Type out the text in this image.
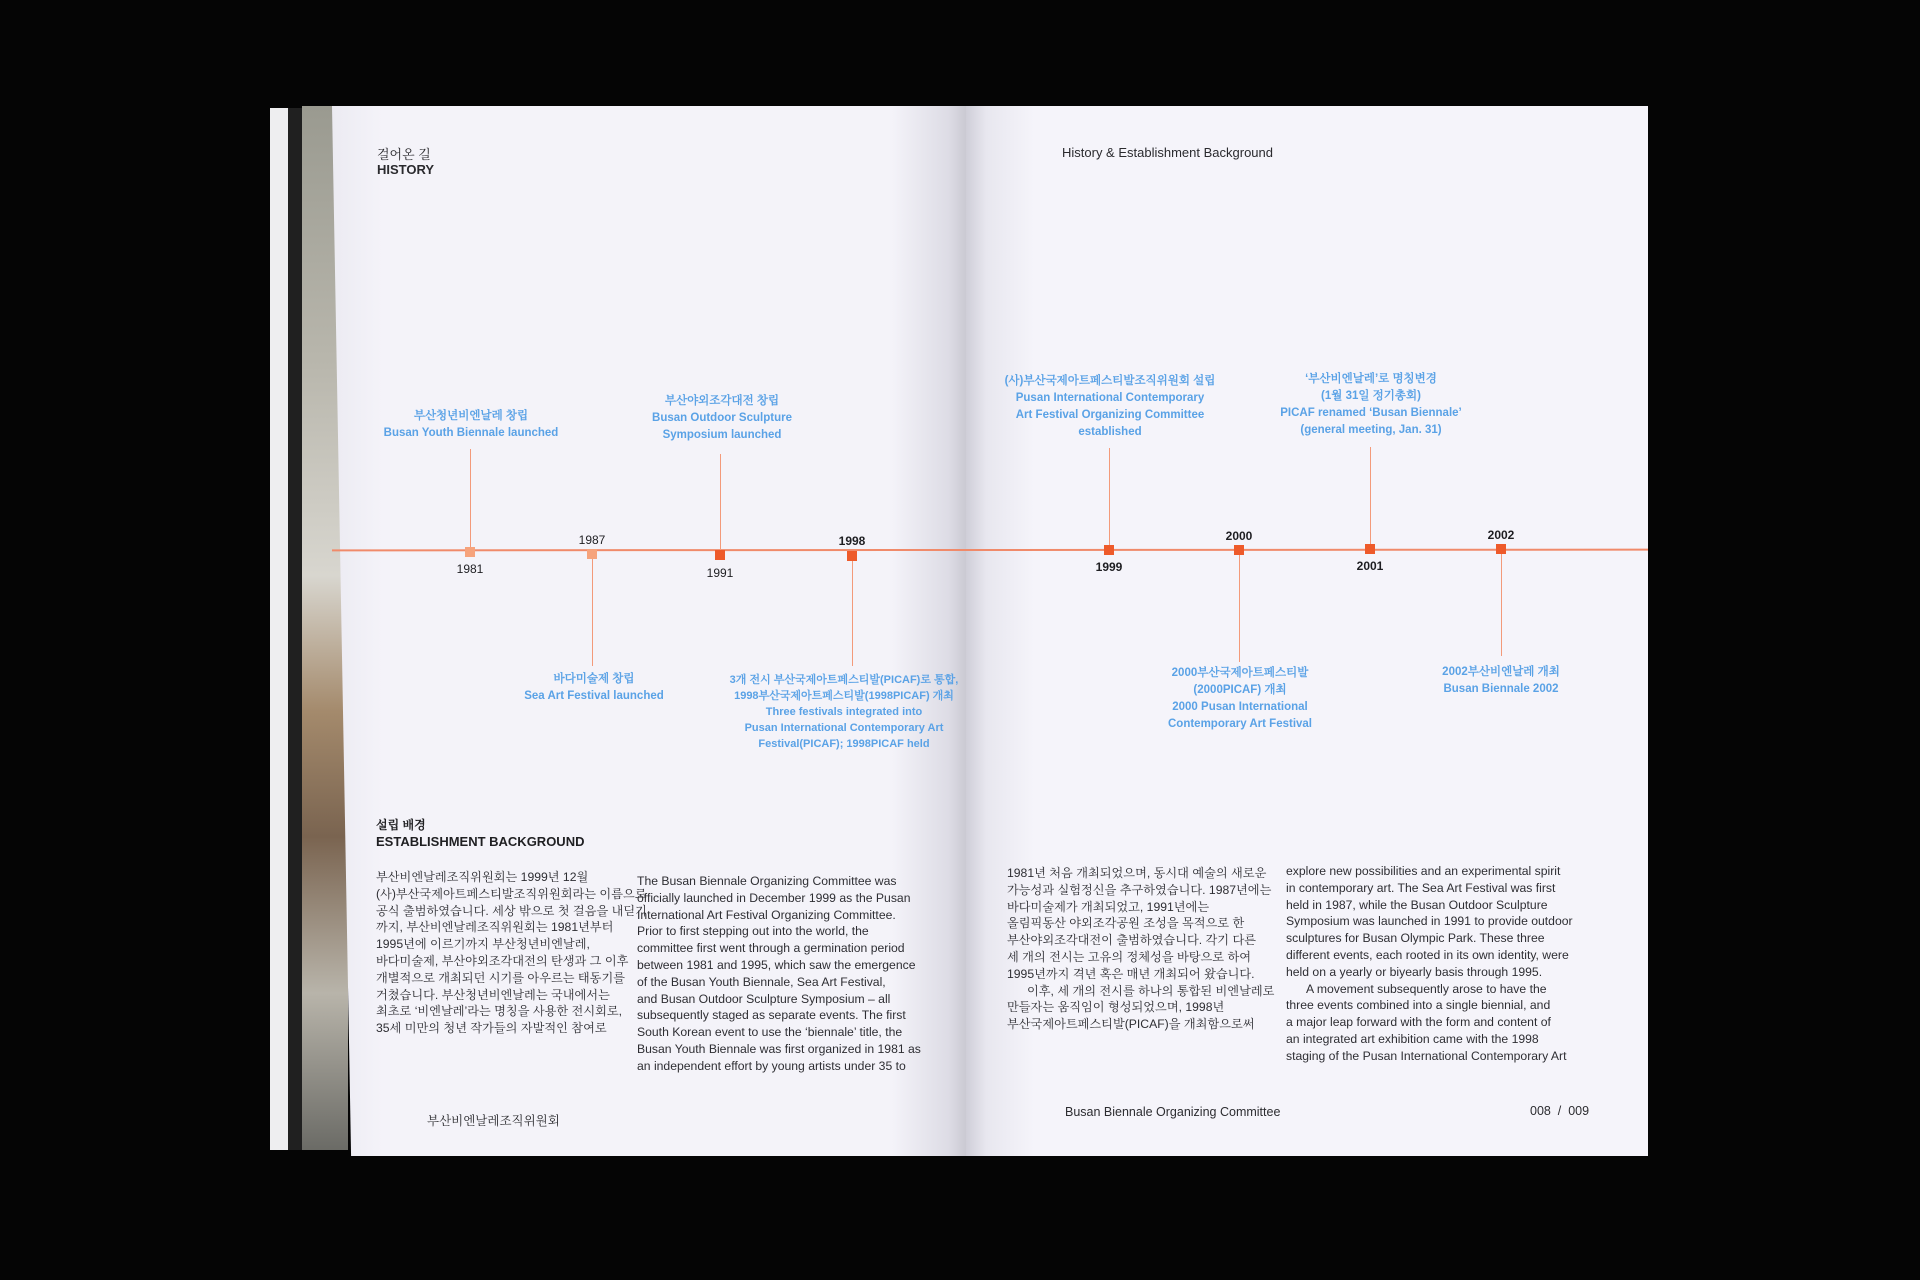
걸어온 길
HISTORY
History & Establishment Background
1981
부산청년비엔날레 창립
Busan Youth Biennale launched
1987
바다미술제 창립
Sea Art Festival launched
1991
부산야외조각대전 창립
Busan Outdoor Sculpture
Symposium launched
1998
3개 전시 부산국제아트페스티발(PICAF)로 통합,
1998부산국제아트페스티발(1998PICAF) 개최
Three festivals integrated into
Pusan International Contemporary Art
Festival(PICAF); 1998PICAF held
1999
(사)부산국제아트페스티발조직위원회 설립
Pusan International Contemporary
Art Festival Organizing Committee
established
2000
2000부산국제아트페스티발
(2000PICAF) 개최
2000 Pusan International
Contemporary Art Festival
2001
‘부산비엔날레’로 명칭변경
(1월 31일 정기총회)
PICAF renamed ‘Busan Biennale’
(general meeting, Jan. 31)
2002
2002부산비엔날레 개최
Busan Biennale 2002
설립 배경
ESTABLISHMENT BACKGROUND

부산비엔날레조직위원회는 1999년 12월

(사)부산국제아트페스티발조직위원회라는 이름으로

공식 출범하였습니다. 세상 밖으로 첫 걸음을 내딛기

까지, 부산비엔날레조직위원회는 1981년부터

1995년에 이르기까지 부산청년비엔날레,

바다미술제, 부산야외조각대전의 탄생과 그 이후

개별적으로 개최되던 시기를 아우르는 태동기를

거쳤습니다. 부산청년비엔날레는 국내에서는

최초로 ‘비엔날레’라는 명칭을 사용한 전시회로,

35세 미만의 청년 작가들의 자발적인 참여로

The Busan Biennale Organizing Committee was

officially launched in December 1999 as the Pusan

International Art Festival Organizing Committee.

Prior to first stepping out into the world, the

committee first went through a germination period

between 1981 and 1995, which saw the emergence

of the Busan Youth Biennale, Sea Art Festival,

and Busan Outdoor Sculpture Symposium – all

subsequently staged as separate events. The first

South Korean event to use the ‘biennale’ title, the

Busan Youth Biennale was first organized in 1981 as

an independent effort by young artists under 35 to

1981년 처음 개최되었으며, 동시대 예술의 새로운

가능성과 실험정신을 추구하였습니다. 1987년에는

바다미술제가 개최되었고, 1991년에는

올림픽동산 야외조각공원 조성을 목적으로 한

부산야외조각대전이 출범하였습니다. 각기 다른

세 개의 전시는 고유의 정체성을 바탕으로 하여

1995년까지 격년 혹은 매년 개최되어 왔습니다.

이후, 세 개의 전시를 하나의 통합된 비엔날레로

만들자는 움직임이 형성되었으며, 1998년

부산국제아트페스티발(PICAF)을 개최함으로써

explore new possibilities and an experimental spirit

in contemporary art. The Sea Art Festival was first

held in 1987, while the Busan Outdoor Sculpture

Symposium was launched in 1991 to provide outdoor

sculptures for Busan Olympic Park. These three

different events, each rooted in its own identity, were

held on a yearly or biyearly basis through 1995.

A movement subsequently arose to have the

three events combined into a single biennial, and

a major leap forward with the form and content of

an integrated art exhibition came with the 1998

staging of the Pusan International Contemporary Art

부산비엔날레조직위원회
Busan Biennale Organizing Committee	008  /  009
